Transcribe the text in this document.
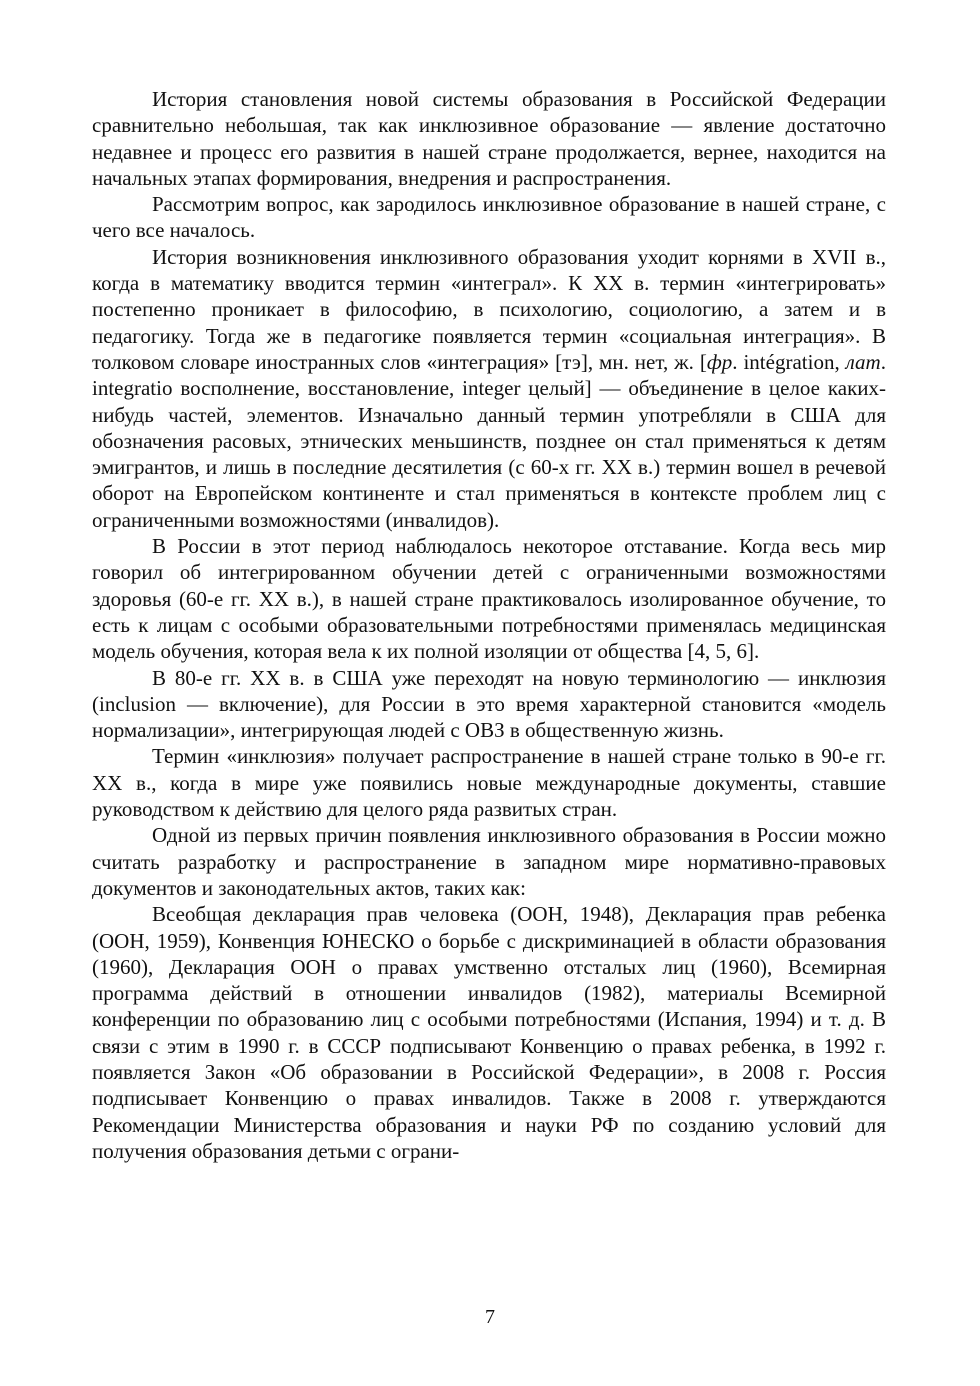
История становления новой системы образования в Российской Федерации сравнительно небольшая, так как инклюзивное образование — явление достаточно недавнее и процесс его развития в нашей стране продолжается, вернее, находится на начальных этапах формирования, внедрения и распространения.

Рассмотрим вопрос, как зародилось инклюзивное образование в нашей стране, с чего все началось.

История возникновения инклюзивного образования уходит корнями в XVII в., когда в математику вводится термин «интеграл». К XX в. термин «интегрировать» постепенно проникает в философию, в психологию, социологию, а затем и в педагогику. Тогда же в педагогике появляется термин «социальная интеграция». В толковом словаре иностранных слов «интеграция» [тэ], мн. нет, ж. [фр. intégration, лат. integratio восполнение, восстановление, integer целый] — объединение в целое каких-нибудь частей, элементов. Изначально данный термин употребляли в США для обозначения расовых, этнических меньшинств, позднее он стал применяться к детям эмигрантов, и лишь в последние десятилетия (с 60-х гг. XX в.) термин вошел в речевой оборот на Европейском континенте и стал применяться в контексте проблем лиц с ограниченными возможностями (инвалидов).

В России в этот период наблюдалось некоторое отставание. Когда весь мир говорил об интегрированном обучении детей с ограниченными возможностями здоровья (60-е гг. XX в.), в нашей стране практиковалось изолированное обучение, то есть к лицам с особыми образовательными потребностями применялась медицинская модель обучения, которая вела к их полной изоляции от общества [4, 5, 6].

В 80-е гг. XX в. в США уже переходят на новую терминологию — инклюзия (inclusion — включение), для России в это время характерной становится «модель нормализации», интегрирующая людей с ОВЗ в общественную жизнь.

Термин «инклюзия» получает распространение в нашей стране только в 90-е гг. XX в., когда в мире уже появились новые международные документы, ставшие руководством к действию для целого ряда развитых стран.

Одной из первых причин появления инклюзивного образования в России можно считать разработку и распространение в западном мире нормативно-правовых документов и законодательных актов, таких как:

Всеобщая декларация прав человека (ООН, 1948), Декларация прав ребенка (ООН, 1959), Конвенция ЮНЕСКО о борьбе с дискриминацией в области образования (1960), Декларация ООН о правах умственно отсталых лиц (1960), Всемирная программа действий в отношении инвалидов (1982), материалы Всемирной конференции по образованию лиц с особыми потребностями (Испания, 1994) и т. д. В связи с этим в 1990 г. в СССР подписывают Конвенцию о правах ребенка, в 1992 г. появляется Закон «Об образовании в Российской Федерации», в 2008 г. Россия подписывает Конвенцию о правах инвалидов. Также в 2008 г. утверждаются Рекомендации Министерства образования и науки РФ по созданию условий для получения образования детьми с ограни-

7
